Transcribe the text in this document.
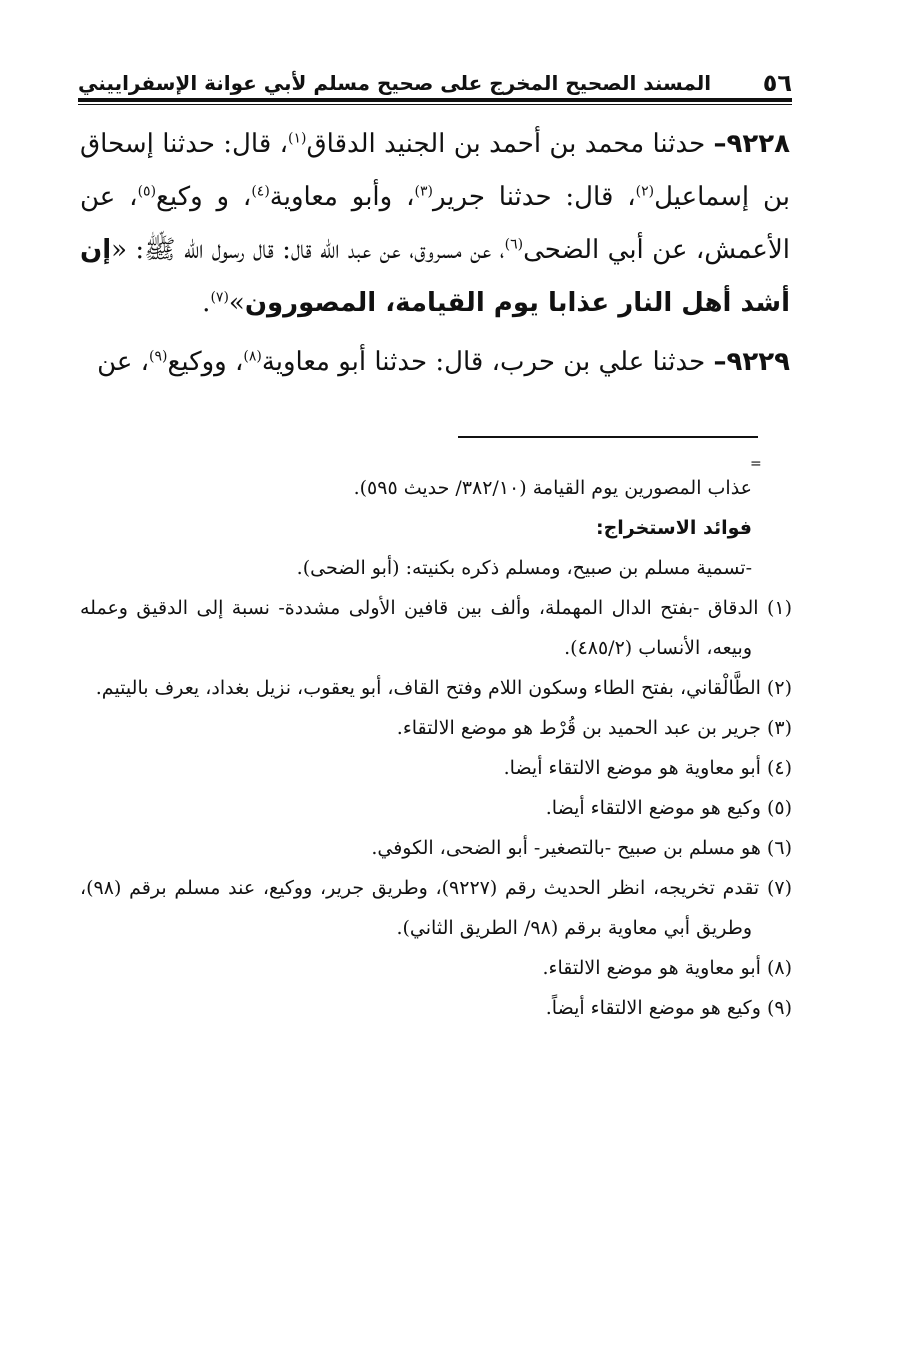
٥٦
المسند الصحيح المخرج على صحيح مسلم لأبي عوانة الإسفراييني

٩٢٢٨– حدثنا محمد بن أحمد بن الجنيد الدقاق$^{(١)}$، قال: حدثنا إسحاق بن إسماعيل$^{(٢)}$، قال: حدثنا جرير$^{(٣)}$، وأبو معاوية$^{(٤)}$، و وكيع$^{(٥)}$، عن الأعمش، عن أبي الضحى$^{(٦)}$، عن مسروق، عن عبد الله قال: قال رسول الله ﷺ: «إن أشد أهل النار عذابا يوم القيامة، المصورون»$^{(٧)}$.

٩٢٢٩– حدثنا علي بن حرب، قال: حدثنا أبو معاوية$^{(٨)}$، ووكيع$^{(٩)}$، عن

=

عذاب المصورين يوم القيامة (٣٨٢/١٠/ حديث ٥٩٥).

فوائد الاستخراج:

-تسمية مسلم بن صبيح، ومسلم ذكره بكنيته: (أبو الضحى).

(١) الدقاق -بفتح الدال المهملة، وألف بين قافين الأولى مشددة- نسبة إلى الدقيق وعمله وبيعه، الأنساب (٤٨٥/٢).

(٢) الطَّالْقاني، بفتح الطاء وسكون اللام وفتح القاف، أبو يعقوب، نزيل بغداد، يعرف باليتيم.

(٣) جرير بن عبد الحميد بن قُرْط هو موضع الالتقاء.

(٤) أبو معاوية هو موضع الالتقاء أيضا.

(٥) وكيع هو موضع الالتقاء أيضا.

(٦) هو مسلم بن صبيح -بالتصغير- أبو الضحى، الكوفي.

(٧) تقدم تخريجه، انظر الحديث رقم (٩٢٢٧)، وطريق جرير، ووكيع، عند مسلم برقم (٩٨)، وطريق أبي معاوية برقم (٩٨/ الطريق الثاني).

(٨) أبو معاوية هو موضع الالتقاء.

(٩) وكيع هو موضع الالتقاء أيضاً.
